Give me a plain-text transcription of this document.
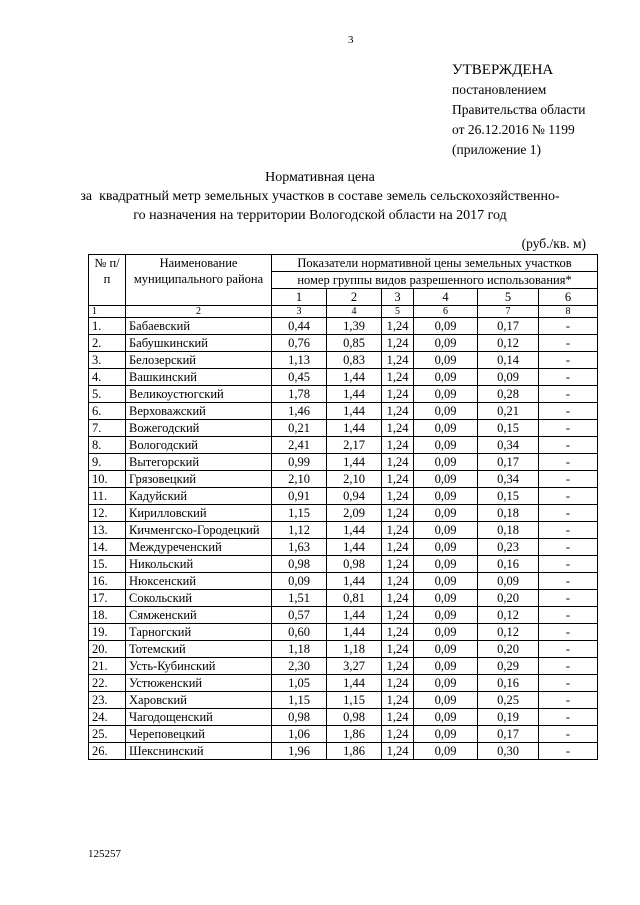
3
УТВЕРЖДЕНА
постановлением
Правительства области
от 26.12.2016 № 1199
(приложение 1)
Нормативная цена
за  квадратный метр земельных участков в составе земель сельскохозяйственно-
го назначения на территории Вологодской области на 2017 год
(руб./кв. м)
№ п/п	Наименование муниципального района	Показатели нормативной цены земельных участков					
		номер группы видов разрешенного использования*					
		1	2	3	4	5	6
1	2	3	4	5	6	7	8
1.	Бабаевский	0,44	1,39	1,24	0,09	0,17	-
2.	Бабушкинский	0,76	0,85	1,24	0,09	0,12	-
3.	Белозерский	1,13	0,83	1,24	0,09	0,14	-
4.	Вашкинский	0,45	1,44	1,24	0,09	0,09	-
5.	Великоустюгский	1,78	1,44	1,24	0,09	0,28	-
6.	Верховажский	1,46	1,44	1,24	0,09	0,21	-
7.	Вожегодский	0,21	1,44	1,24	0,09	0,15	-
8.	Вологодский	2,41	2,17	1,24	0,09	0,34	-
9.	Вытегорский	0,99	1,44	1,24	0,09	0,17	-
10.	Грязовецкий	2,10	2,10	1,24	0,09	0,34	-
11.	Кадуйский	0,91	0,94	1,24	0,09	0,15	-
12.	Кирилловский	1,15	2,09	1,24	0,09	0,18	-
13.	Кичменгско-Городецкий	1,12	1,44	1,24	0,09	0,18	-
14.	Междуреченский	1,63	1,44	1,24	0,09	0,23	-
15.	Никольский	0,98	0,98	1,24	0,09	0,16	-
16.	Нюксенский	0,09	1,44	1,24	0,09	0,09	-
17.	Сокольский	1,51	0,81	1,24	0,09	0,20	-
18.	Сямженский	0,57	1,44	1,24	0,09	0,12	-
19.	Тарногский	0,60	1,44	1,24	0,09	0,12	-
20.	Тотемский	1,18	1,18	1,24	0,09	0,20	-
21.	Усть-Кубинский	2,30	3,27	1,24	0,09	0,29	-
22.	Устюженский	1,05	1,44	1,24	0,09	0,16	-
23.	Харовский	1,15	1,15	1,24	0,09	0,25	-
24.	Чагодощенский	0,98	0,98	1,24	0,09	0,19	-
25.	Череповецкий	1,06	1,86	1,24	0,09	0,17	-
26.	Шекснинский	1,96	1,86	1,24	0,09	0,30	-
125257
